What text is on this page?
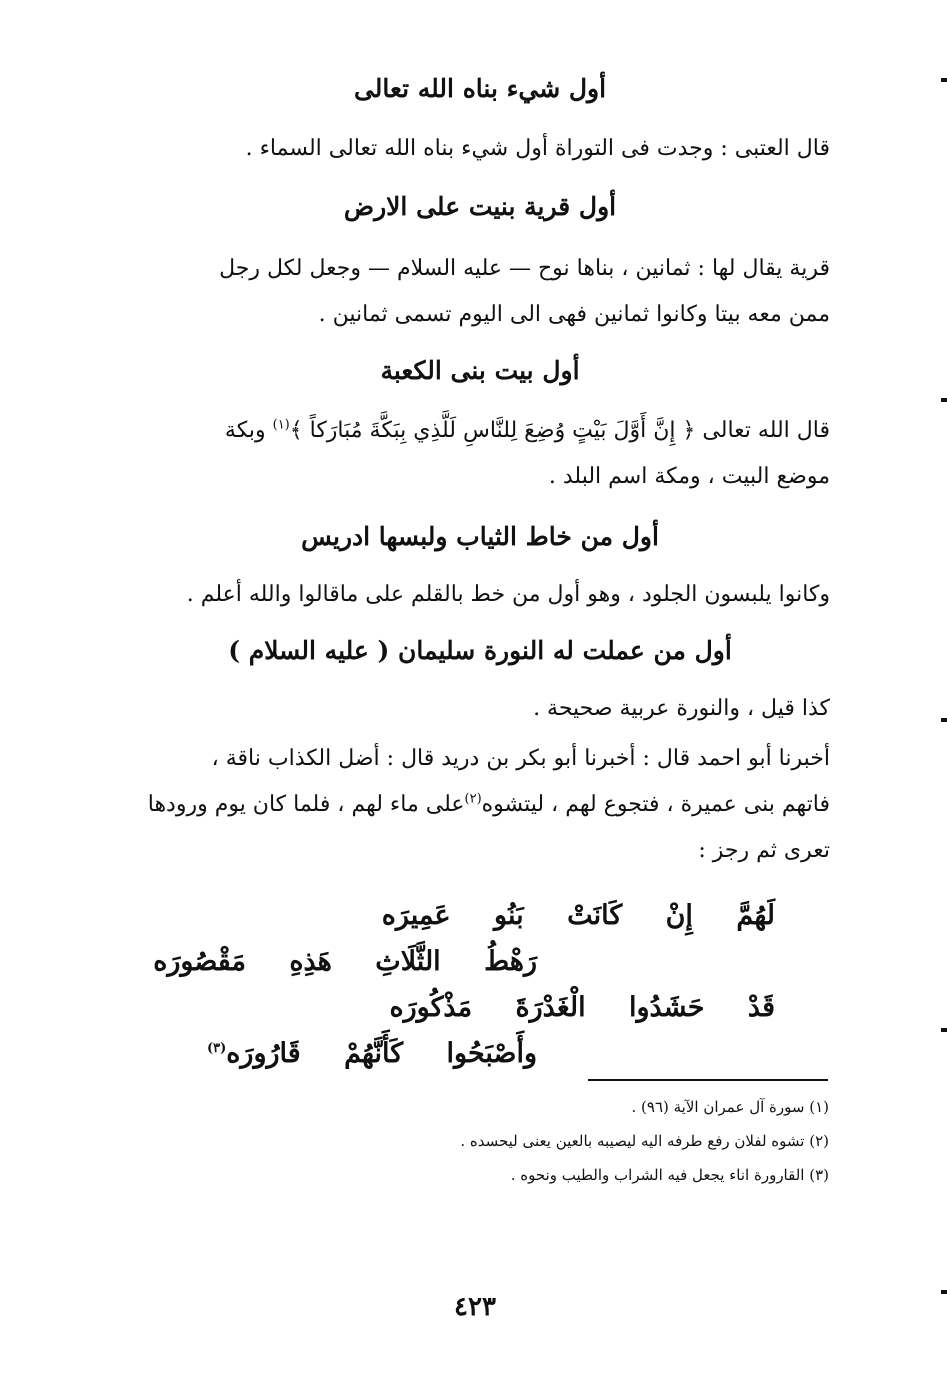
أول شيء بناه الله تعالى

قال العتبى : وجدت فى التوراة أول شيء بناه الله تعالى السماء .

أول قرية بنيت على الارض

قرية يقال لها : ثمانين ، بناها نوح — عليه السلام — وجعل لكل رجل

ممن معه بيتا وكانوا ثمانين فهى الى اليوم تسمى ثمانين .

أول بيت بنى الكعبة

قال الله تعالى ﴿ إِنَّ أَوَّلَ بَيْتٍ وُضِعَ لِلنَّاسِ لَلَّذِي بِبَكَّةَ مُبَارَكاً ﴾$^{(١)}$ وبكة

موضع البيت ، ومكة اسم البلد .

أول من خاط الثياب ولبسها ادريس

وكانوا يلبسون الجلود ، وهو أول من خط بالقلم على ماقالوا والله أعلم .

أول من عملت له النورة سليمان ( عليه السلام )

كذا قيل ، والنورة عربية صحيحة .

أخبرنا أبو احمد قال : أخبرنا أبو بكر بن دريد قال : أضل الكذاب ناقة ،

فاتهم بنى عميرة ، فتجوع لهم ، ليتشوه$^{(٢)}$على ماء لهم ، فلما كان يوم ورودها

تعرى ثم رجز :

لَهُمَّ إِنْ كَانَتْ بَنُو عَمِيرَه
رَهْطُ الثَّلَاثِ هَذِهِ مَقْصُورَه
قَدْ حَشَدُوا الْغَدْرَةَ مَذْكُورَه
وأَصْبَحُوا كَأَنَّهُمْ قَارُورَه$^{(٣)}$
(١) سورة آل عمران الآية (٩٦) .
(٢) تشوه لفلان رفع طرفه اليه ليصيبه بالعين يعنى ليحسده .
(٣) القارورة اناء يجعل فيه الشراب والطيب ونحوه .
٤٢٣
